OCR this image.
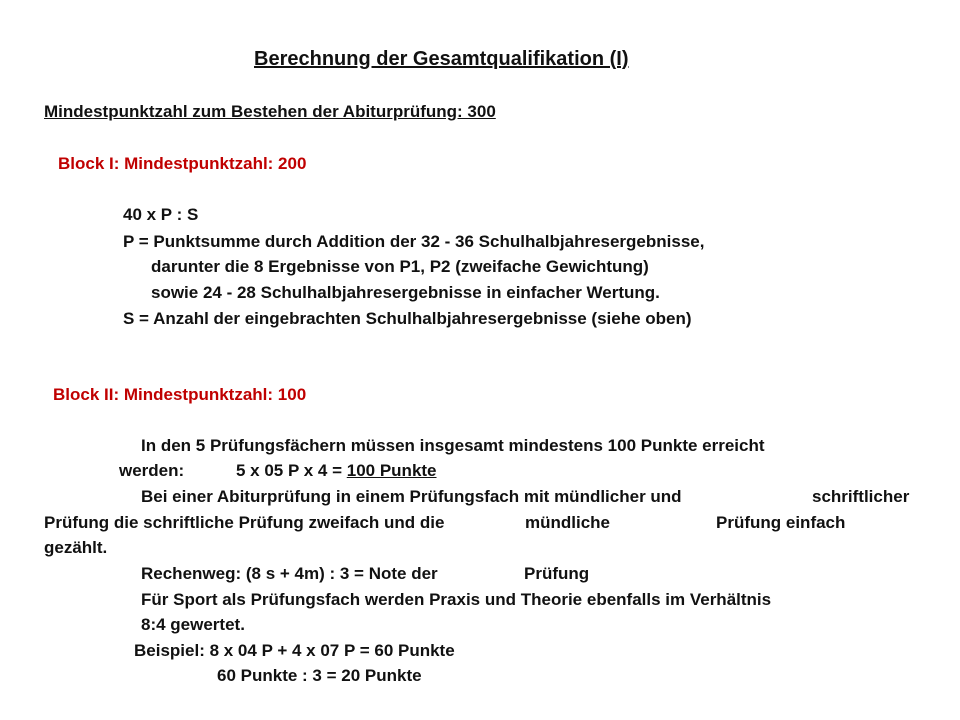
Berechnung der Gesamtqualifikation (I)
Mindestpunktzahl zum Bestehen der Abiturprüfung: 300
Block I: Mindestpunktzahl: 200
40 x P : S
P = Punktsumme durch Addition der 32 - 36 Schulhalbjahresergebnisse,
darunter die 8 Ergebnisse von P1, P2 (zweifache Gewichtung)
sowie 24 - 28 Schulhalbjahresergebnisse in einfacher Wertung.
S = Anzahl der eingebrachten Schulhalbjahresergebnisse (siehe oben)
Block II: Mindestpunktzahl: 100
In den 5 Prüfungsfächern müssen insgesamt mindestens 100 Punkte erreicht
werden:	5 x 05 P x 4 = 100 Punkte
Bei einer Abiturprüfung in einem Prüfungsfach mit mündlicher und	schriftlicher
Prüfung die schriftliche Prüfung zweifach und die	mündliche	Prüfung einfach
gezählt.
Rechenweg: (8 s + 4m) : 3 = Note der	Prüfung
Für Sport als Prüfungsfach werden Praxis und Theorie ebenfalls im Verhältnis
8:4 gewertet.
Beispiel: 8 x 04 P + 4 x 07 P = 60 Punkte
60 Punkte : 3 = 20 Punkte
